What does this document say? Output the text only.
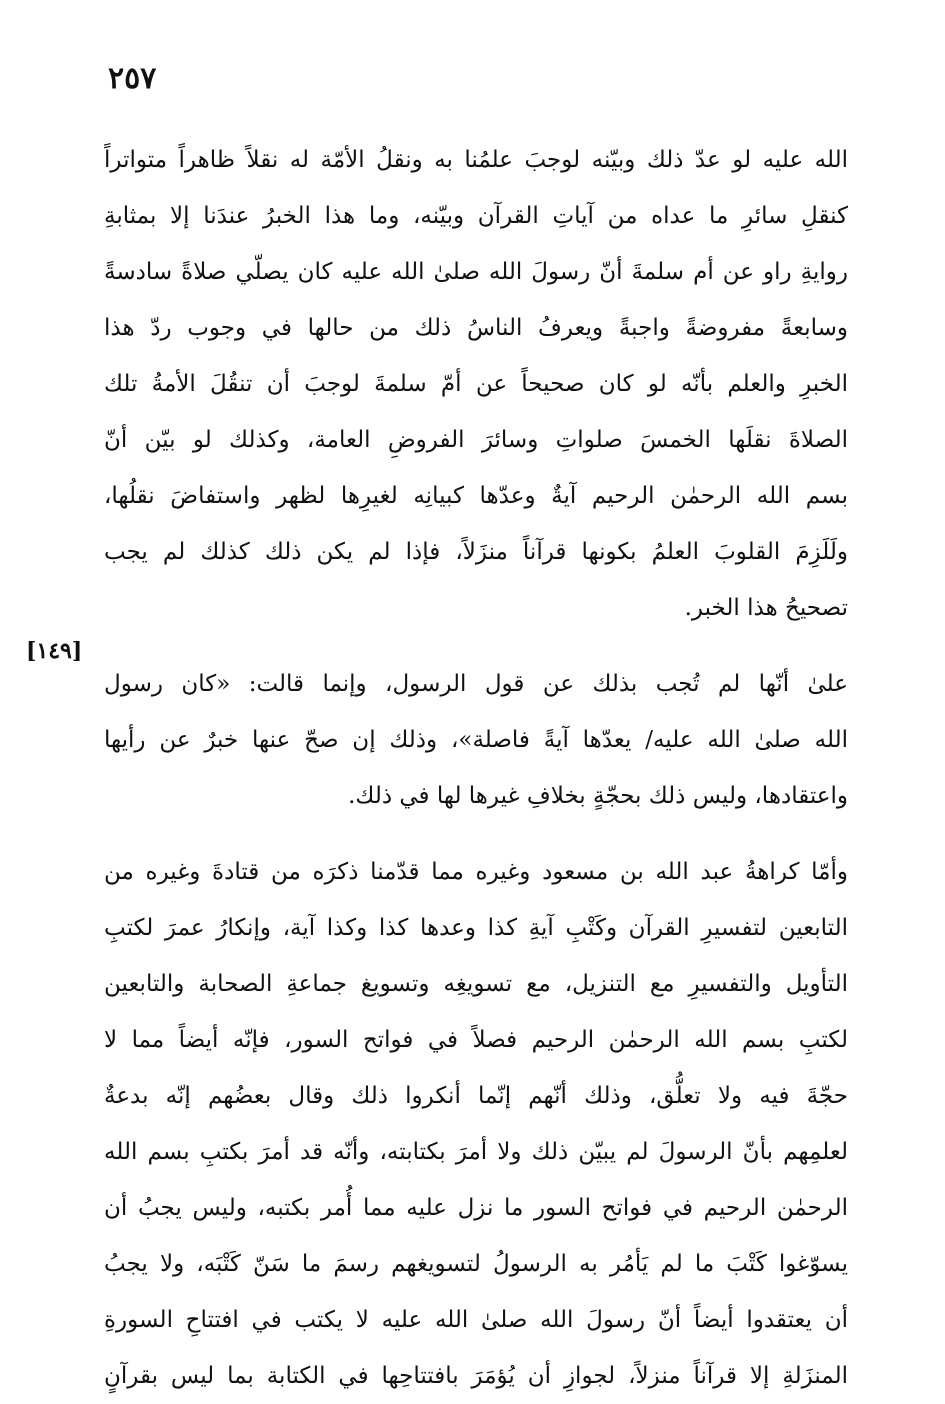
٢٥٧
[١٤٩]
الله عليه لو عدّ ذلك وبيّنه لوجبَ علمُنا به ونقلُ الأمّة له نقلاً ظاهراً متواتراً
كنقلِ سائرِ ما عداه من آياتِ القرآن وبيّنه، وما هذا الخبرُ عندَنا إلا بمثابةِ
روايةِ راو عن أم سلمةَ أنّ رسولَ الله صلىٰ الله عليه كان يصلّي صلاةً سادسةً
وسابعةً مفروضةً واجبةً ويعرفُ الناسُ ذلك من حالها في وجوب ردّ هذا
الخبرِ والعلم بأنّه لو كان صحيحاً عن أمّ سلمةَ لوجبَ أن تنقُلَ الأمةُ تلك
الصلاةَ نقلَها الخمسَ صلواتِ وسائرَ الفروضِ العامة، وكذلك لو بيّن أنّ
بسم الله الرحمٰن الرحيم آيةٌ وعدّها كبيانِه لغيرِها لظهر واستفاضَ نقلُها،
ولَلَزِمَ القلوبَ العلمُ بكونها قرآناً منزَلاً، فإذا لم يكن ذلك كذلك لم يجب
تصحيحُ هذا الخبر.
علىٰ أنّها لم تُجب بذلك عن قول الرسول، وإنما قالت: «كان رسول
الله صلىٰ الله عليه/ يعدّها آيةً فاصلة»، وذلك إن صحّ عنها خبرٌ عن رأيها
واعتقادها، وليس ذلك بحجّةٍ بخلافِ غيرها لها في ذلك.
وأمّا كراهةُ عبد الله بن مسعود وغيره مما قدّمنا ذكرَه من قتادةَ وغيره من
التابعين لتفسيرِ القرآن وكَتْبِ آيةِ كذا وعدها كذا وكذا آية، وإنكارُ عمرَ لكتبِ
التأويل والتفسيرِ مع التنزيل، مع تسويغِه وتسويغ جماعةِ الصحابة والتابعين
لكتبِ بسم الله الرحمٰن الرحيم فصلاً في فواتح السور، فإنّه أيضاً مما لا
حجّةَ فيه ولا تعلُّق، وذلك أنّهم إنّما أنكروا ذلك وقال بعضُهم إنّه بدعةٌ
لعلمِهم بأنّ الرسولَ لم يبيّن ذلك ولا أمرَ بكتابته، وأنّه قد أمرَ بكتبِ بسم الله
الرحمٰن الرحيم في فواتح السور ما نزل عليه مما أُمر بكتبه، وليس يجبُ أن
يسوّغوا كَتْبَ ما لم يَأمُر به الرسولُ لتسويغهم رسمَ ما سَنّ كَتْبَه، ولا يجبُ
أن يعتقدوا أيضاً أنّ رسولَ الله صلىٰ الله عليه لا يكتب في افتتاحِ السورةِ
المنزَلةِ إلا قرآناً منزلاً، لجوازِ أن يُؤمَرَ بافتتاحِها في الكتابة بما ليس بقرآنٍ
